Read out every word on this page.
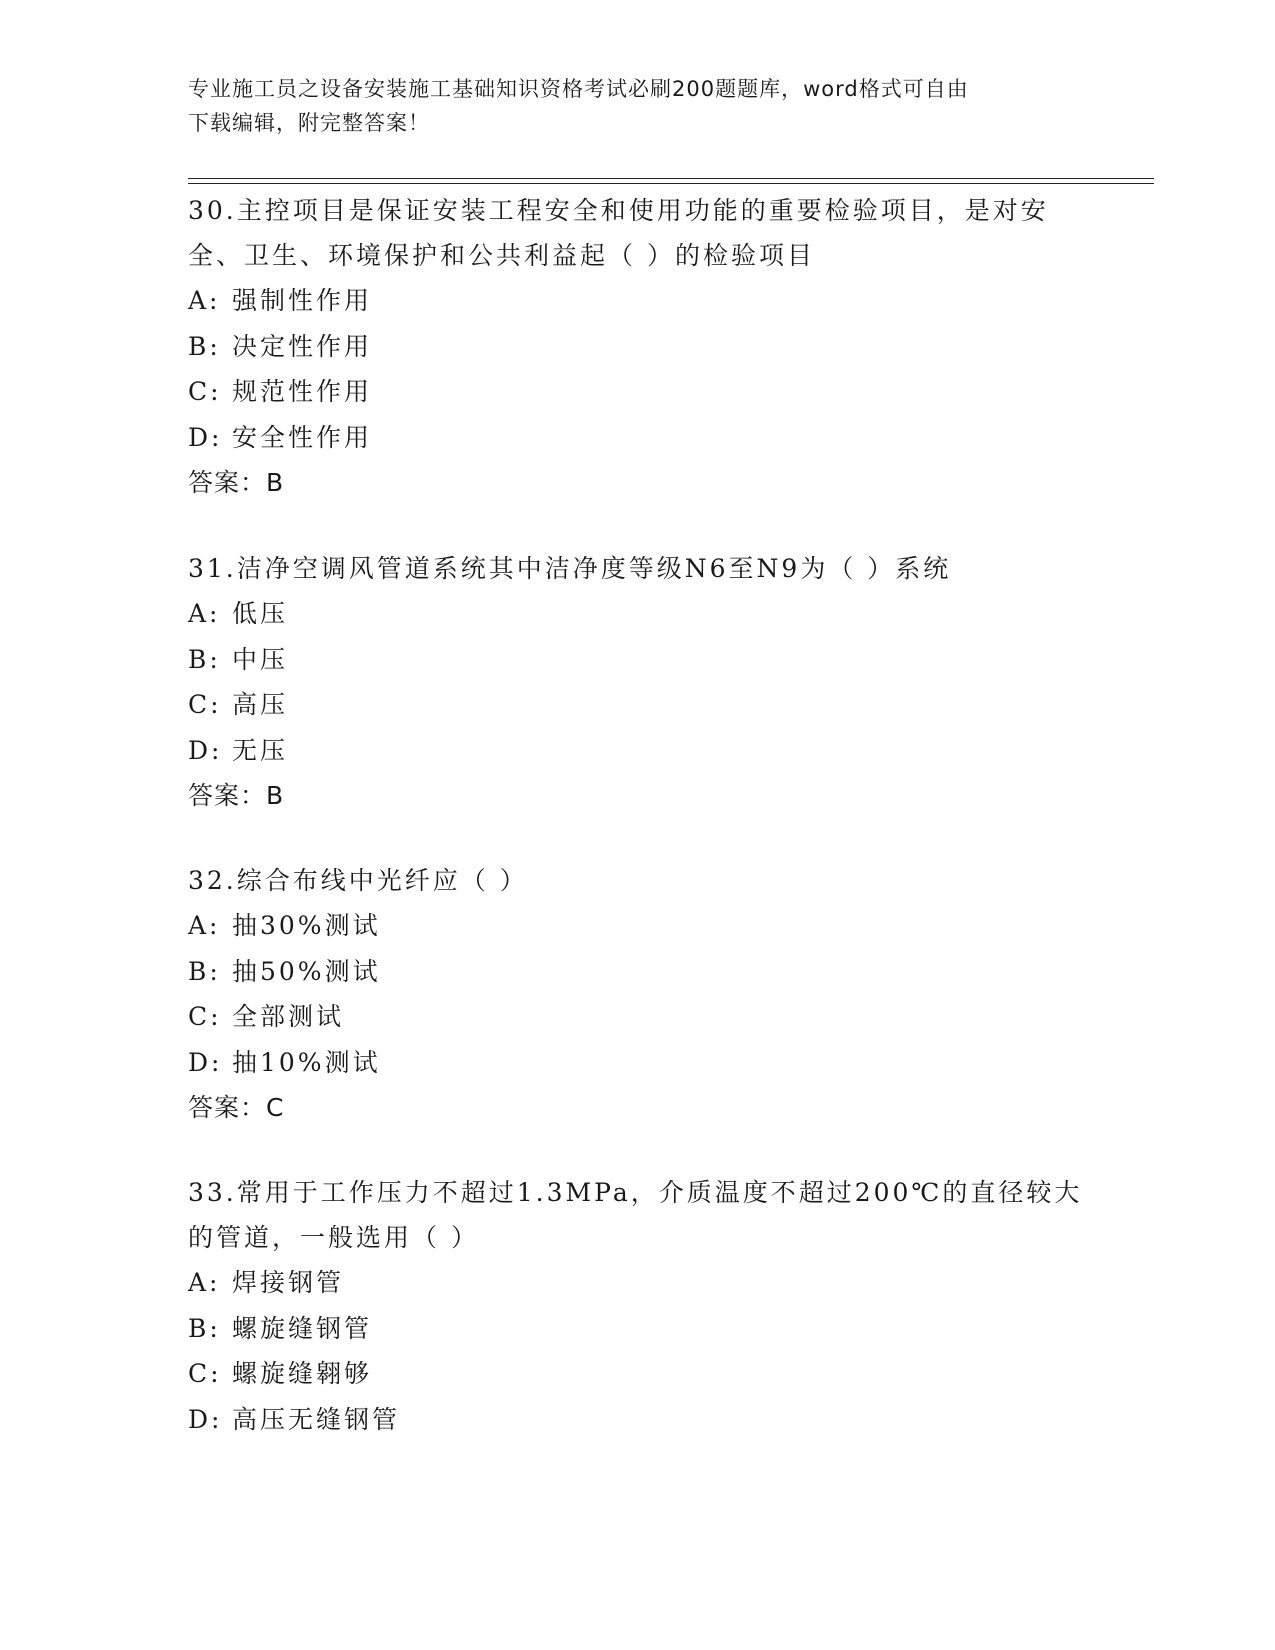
专业施工员之设备安装施工基础知识资格考试必刷200题题库，word格式可自由
下载编辑，附完整答案！
30.主控项目是保证安装工程安全和使用功能的重要检验项目，是对安
全、卫生、环境保护和公共利益起（ ）的检验项目
A: 强制性作用
B: 决定性作用
C: 规范性作用
D: 安全性作用
答案：B
31.洁净空调风管道系统其中洁净度等级N6至N9为（ ）系统
A: 低压
B: 中压
C: 高压
D: 无压
答案：B
32.综合布线中光纤应（ ）
A: 抽30%测试
B: 抽50%测试
C: 全部测试
D: 抽10%测试
答案：C
33.常用于工作压力不超过1.3MPa，介质温度不超过200℃的直径较大
的管道，一般选用（ ）
A: 焊接钢管
B: 螺旋缝钢管
C: 螺旋缝翱够
D: 高压无缝钢管
